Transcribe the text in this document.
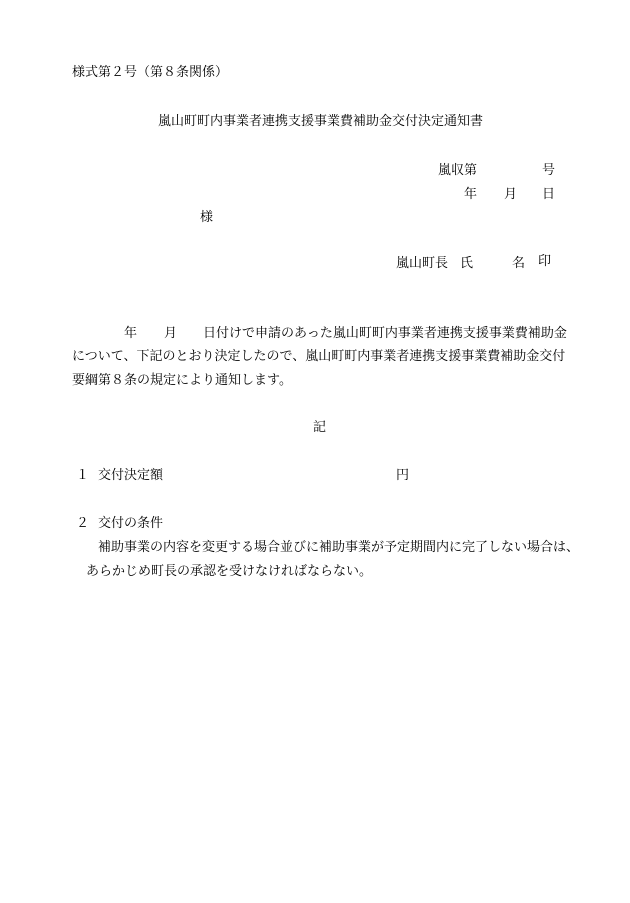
様式第２号（第８条関係）
嵐山町町内事業者連携支援事業費補助金交付決定通知書
嵐収第	号
年 月 日
様
嵐山町長 氏	名 印
年 月 日付けで申請のあった嵐山町町内事業者連携支援事業費補助金
について、下記のとおり決定したので、嵐山町町内事業者連携支援事業費補助金交付
要綱第８条の規定により通知します。
記
１ 交付決定額	円
２ 交付の条件
補助事業の内容を変更する場合並びに補助事業が予定期間内に完了しない場合は、
あらかじめ町長の承認を受けなければならない。
